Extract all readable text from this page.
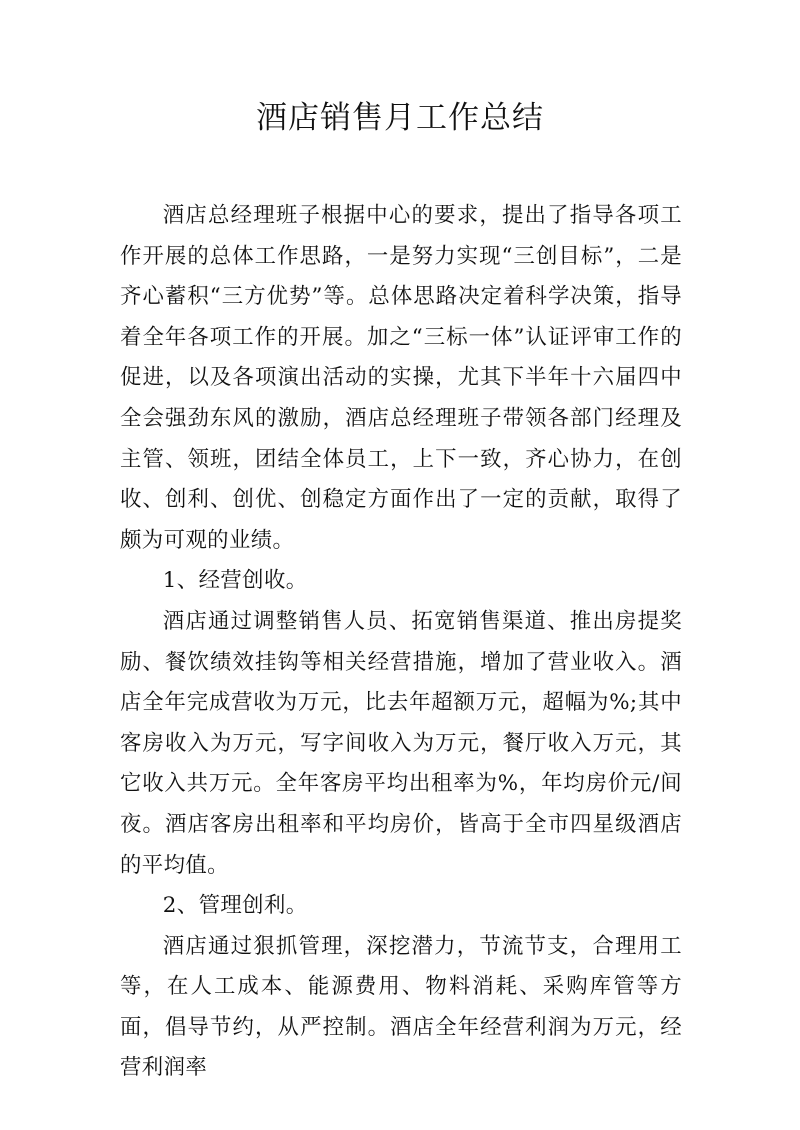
酒店销售月工作总结

酒店总经理班子根据中心的要求，提出了指导各项工作开展的总体工作思路，一是努力实现“三创目标”，二是齐心蓄积“三方优势”等。总体思路决定着科学决策，指导着全年各项工作的开展。加之“三标一体”认证评审工作的促进，以及各项演出活动的实操，尤其下半年十六届四中全会强劲东风的激励，酒店总经理班子带领各部门经理及主管、领班，团结全体员工，上下一致，齐心协力，在创收、创利、创优、创稳定方面作出了一定的贡献，取得了颇为可观的业绩。

1、经营创收。

酒店通过调整销售人员、拓宽销售渠道、推出房提奖励、餐饮绩效挂钩等相关经营措施，增加了营业收入。酒店全年完成营收为万元，比去年超额万元，超幅为%;其中客房收入为万元，写字间收入为万元，餐厅收入万元，其它收入共万元。全年客房平均出租率为%，年均房价元/间夜。酒店客房出租率和平均房价，皆高于全市四星级酒店的平均值。

2、管理创利。

酒店通过狠抓管理，深挖潜力，节流节支，合理用工等，在人工成本、能源费用、物料消耗、采购库管等方面，倡导节约，从严控制。酒店全年经营利润为万元，经营利润率
